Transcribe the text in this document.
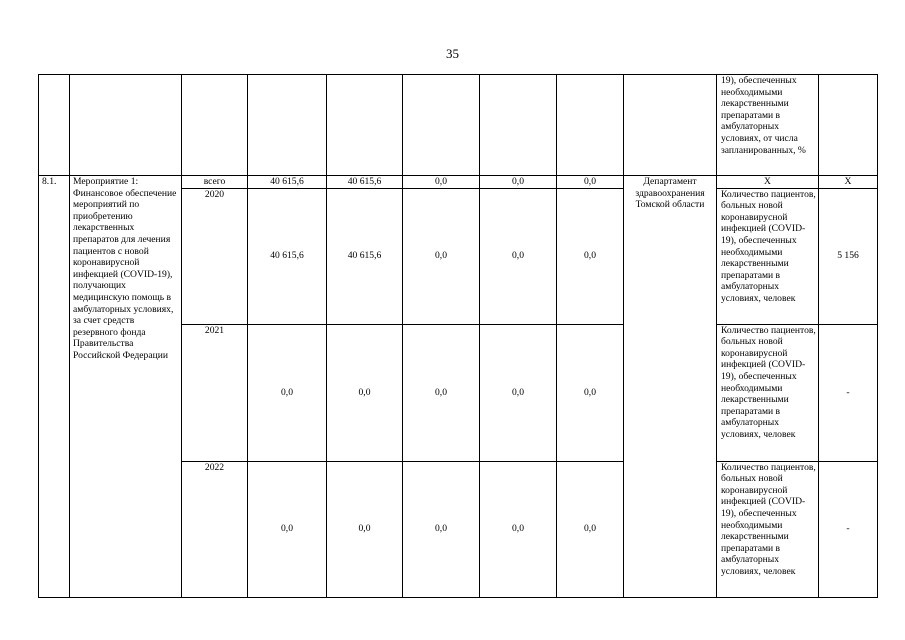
35
									19), обеспеченных необходимыми лекарственными препаратами в амбулаторных условиях, от числа запланированных, %	
8.1.	Мероприятие 1: Финансовое обеспечение мероприятий по приобретению лекарственных препаратов для лечения пациентов с новой коронавирусной инфекцией (COVID-19), получающих медицинскую помощь в амбулаторных условиях, за счет средств резервного фонда Правительства Российской Федерации	всего	40 615,6	40 615,6	0,0	0,0	0,0	Департамент здравоохранения Томской области	Х	Х
		2020	40 615,6	40 615,6	0,0	0,0	0,0		Количество пациентов, больных новой коронавирусной инфекцией (COVID-19), обеспеченных необходимыми лекарственными препаратами в амбулаторных условиях, человек	5 156
		2021	0,0	0,0	0,0	0,0	0,0		Количество пациентов, больных новой коронавирусной инфекцией (COVID-19), обеспеченных необходимыми лекарственными препаратами в амбулаторных условиях, человек	-
		2022	0,0	0,0	0,0	0,0	0,0		Количество пациентов, больных новой коронавирусной инфекцией (COVID-19), обеспеченных необходимыми лекарственными препаратами в амбулаторных условиях, человек	-
